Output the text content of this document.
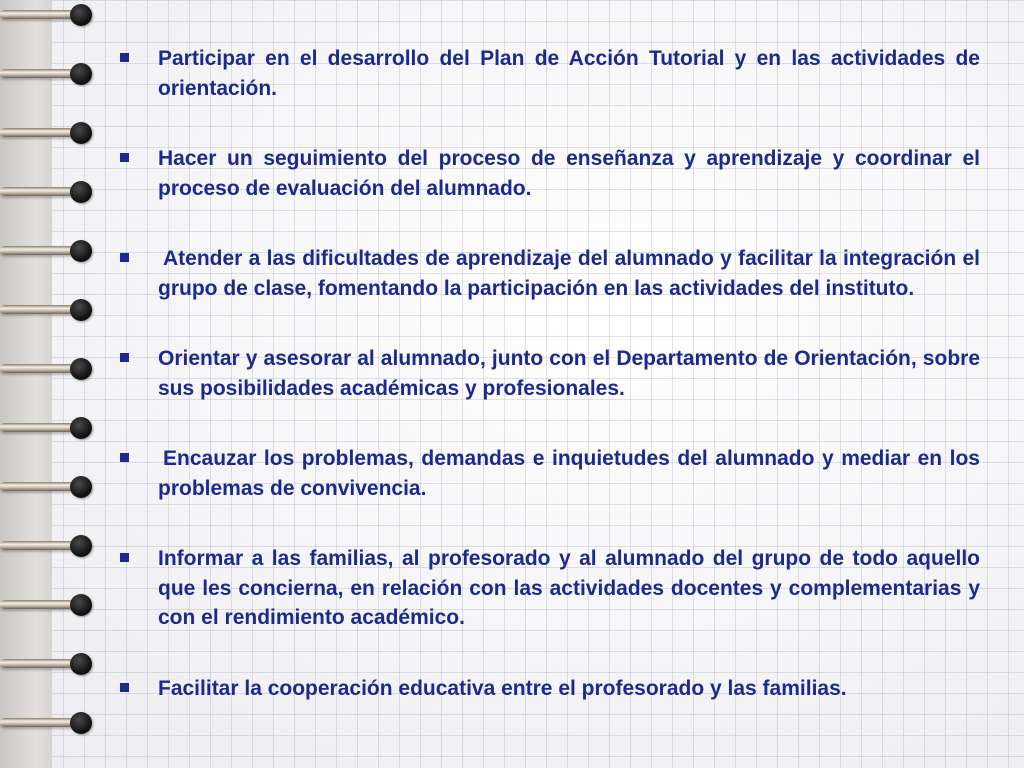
Participar en el desarrollo del Plan de Acción Tutorial y en las actividades de orientación.
Hacer un seguimiento del proceso de enseñanza y aprendizaje y coordinar el proceso de evaluación del alumnado.
Atender a las dificultades de aprendizaje del alumnado y facilitar la integración el grupo de clase, fomentando la participación en las actividades del instituto.
Orientar y asesorar al alumnado, junto con el Departamento de Orientación, sobre sus posibilidades académicas y profesionales.
Encauzar los problemas, demandas e inquietudes del alumnado y mediar en los problemas de convivencia.
Informar a las familias, al profesorado y al alumnado del grupo de todo aquello que les concierna, en relación con las actividades docentes y complementarias y con el rendimiento académico.
Facilitar la cooperación educativa entre el profesorado y las familias.
